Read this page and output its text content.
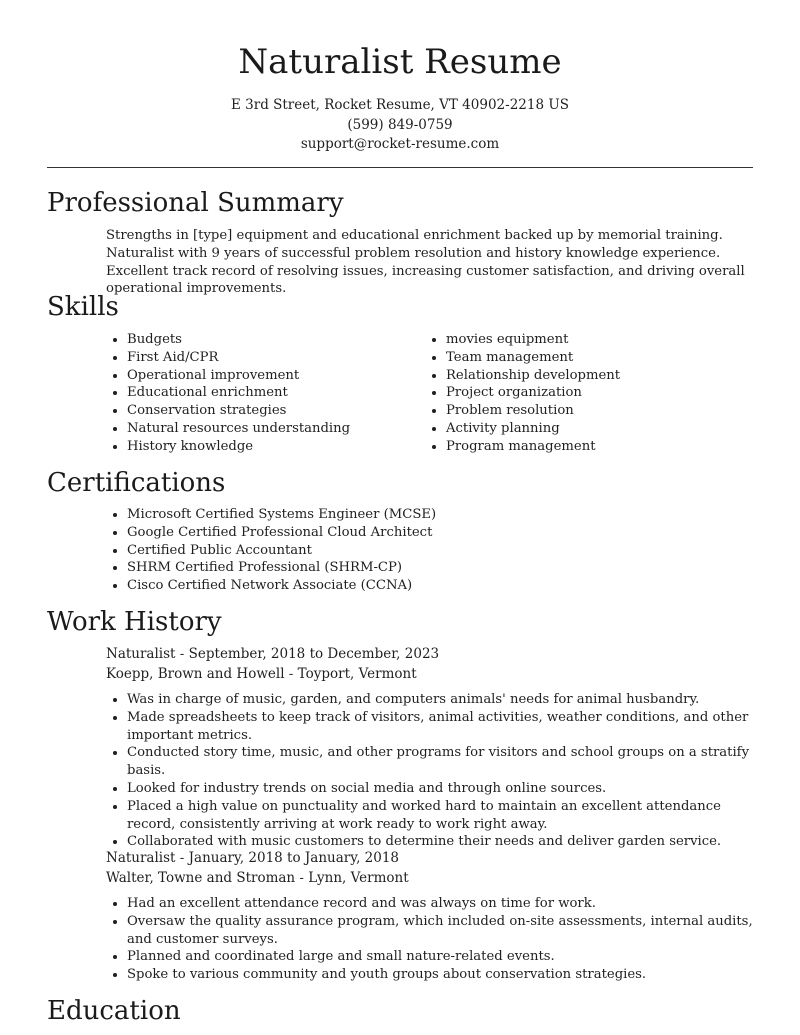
Naturalist Resume
E 3rd Street, Rocket Resume, VT 40902-2218 US
(599) 849-0759
support@rocket-resume.com
Professional Summary

Strengths in [type] equipment and educational enrichment backed up by memorial training. Naturalist with 9 years of successful problem resolution and history knowledge experience. Excellent track record of resolving issues, increasing customer satisfaction, and driving overall operational improvements.

Skills
• Budgets
• First Aid/CPR
• Operational improvement
• Educational enrichment
• Conservation strategies
• Natural resources understanding
• History knowledge
• movies equipment
• Team management
• Relationship development
• Project organization
• Problem resolution
• Activity planning
• Program management
Certifications
• Microsoft Certified Systems Engineer (MCSE)
• Google Certified Professional Cloud Architect
• Certified Public Accountant
• SHRM Certified Professional (SHRM-CP)
• Cisco Certified Network Associate (CCNA)
Work History
Naturalist - September, 2018 to December, 2023
Koepp, Brown and Howell - Toyport, Vermont
• Was in charge of music, garden, and computers animals' needs for animal husbandry.
• Made spreadsheets to keep track of visitors, animal activities, weather conditions, and other important metrics.
• Conducted story time, music, and other programs for visitors and school groups on a stratify basis.
• Looked for industry trends on social media and through online sources.
• Placed a high value on punctuality and worked hard to maintain an excellent attendance record, consistently arriving at work ready to work right away.
• Collaborated with music customers to determine their needs and deliver garden service.
Naturalist - January, 2018 to January, 2018
Walter, Towne and Stroman - Lynn, Vermont
• Had an excellent attendance record and was always on time for work.
• Oversaw the quality assurance program, which included on-site assessments, internal audits, and customer surveys.
• Planned and coordinated large and small nature-related events.
• Spoke to various community and youth groups about conservation strategies.
Education
